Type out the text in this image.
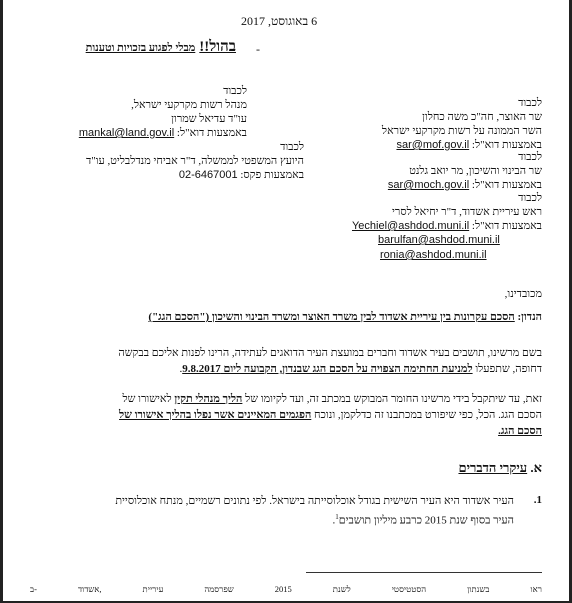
6 באוגוסט, 2017
-
בהול!! מבלי לפגוע בזכויות וטענות
לכבוד
שר האוצר, חה"כ משה כחלון
השר הממונה על רשות מקרקעי ישראל
באמצעות דוא"ל: sar@mof.gov.il
לכבוד
מנהל רשות מקרקעי ישראל,
עו"ד עדיאל שמרון
באמצעות דוא"ל: mankal@land.gov.il
לכבוד
שר הבינוי והשיכון, מר יואב גלנט
באמצעות דוא"ל: sar@moch.gov.il
לכבוד
היועץ המשפטי לממשלה, ד"ר אביחי מנדלבליט, עו"ד
באמצעות פקס: 02-6467001
לכבוד
ראש עיריית אשדוד, ד"ר יחיאל לסרי
באמצעות דוא"ל: Yechiel@ashdod.muni.il
barulfan@ashdod.muni.il
ronia@ashdod.muni.il
מכובדינו,
הנדון: הסכם עקרונות בין עיריית אשדוד לבין משרד האוצר ומשרד הבינוי והשיכון ("הסכם הגג")
בשם מרשינו, תושבים בעיר אשדוד וחברים במועצת העיר הדואגים לעתידה, הרינו לפנות אליכם בבקשה
דחופה, שתפעלו למניעת החתימה הצפויה על הסכם הגג שבנדון, הקבועה ליום 9.8.2017.
זאת, עד שיתקבל בידי מרשינו החומר המבוקש במכתב זה, ועד לקיומו של הליך מנהלי תקין לאישורו של
הסכם הגג. הכל, כפי שיפורט במכתבנו זה כדלקמן, ונוכח הפגמים המאיינים אשר נפלו בהליך אישורו של
הסכם הגג.
א. עיקרי הדברים
1.
העיר אשדוד היא העיר השישית בגודל אוכלוסייתה בישראל. לפי נתונים רשמיים, מנתח אוכלוסיית
העיר בסוף שנת 2015 כרבע מיליון תושבים$^1$.
ראו
בשנתון
הסטטיסטי
לשנת
2015
שפרסמה
עיריית
אשדוד,
ב-
